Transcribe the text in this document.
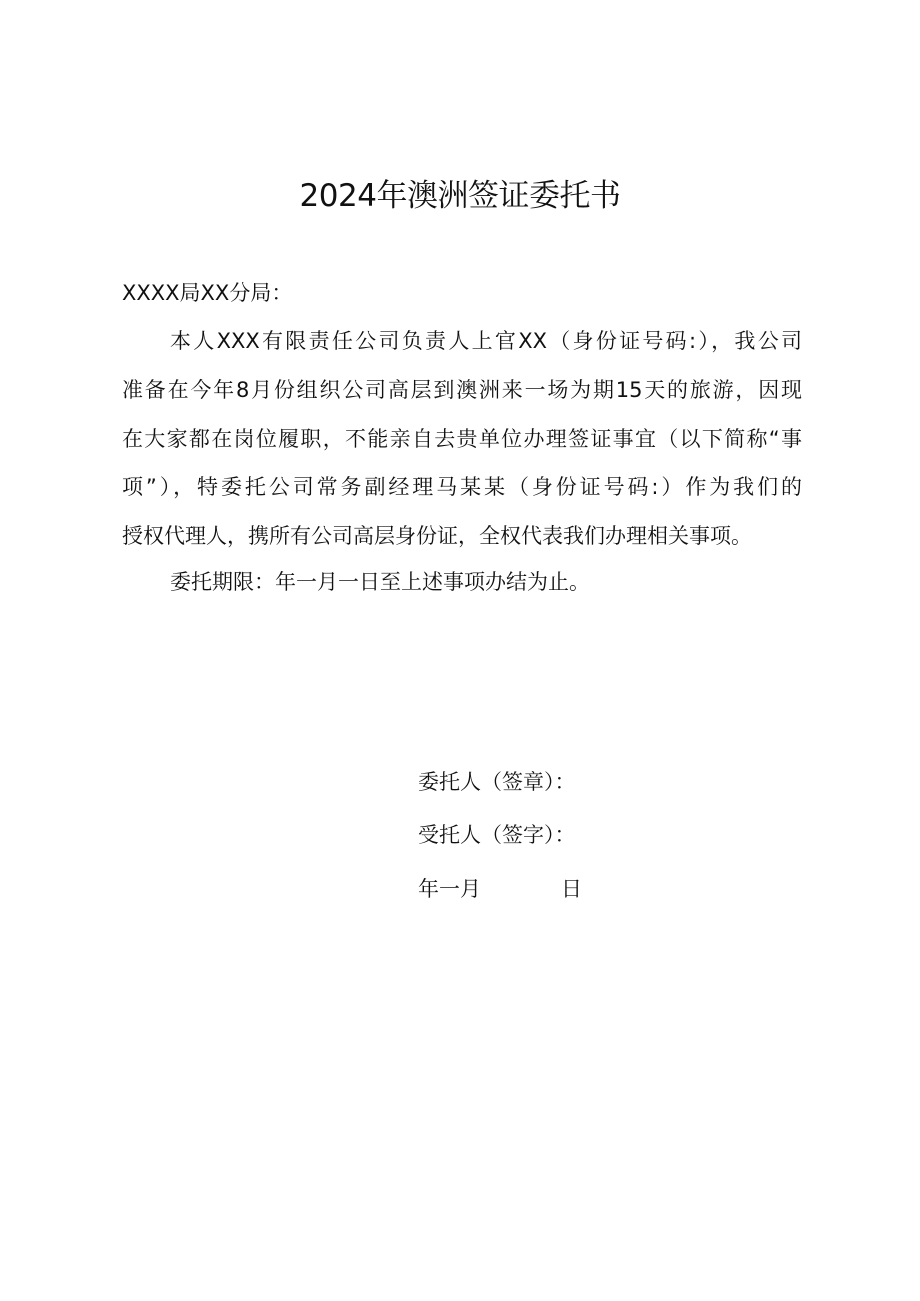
2024年澳洲签证委托书
XXXX局XX分局：
本人XXX有限责任公司负责人上官XX（身份证号码:），我公司
准备在今年8月份组织公司高层到澳洲来一场为期15天的旅游，因现
在大家都在岗位履职，不能亲自去贵单位办理签证事宜（以下简称“事
项”），特委托公司常务副经理马某某（身份证号码:）作为我们的
授权代理人，携所有公司高层身份证，全权代表我们办理相关事项。
委托期限：年一月一日至上述事项办结为止。
委托人（签章）：
受托人（签字）：
年一月	日
